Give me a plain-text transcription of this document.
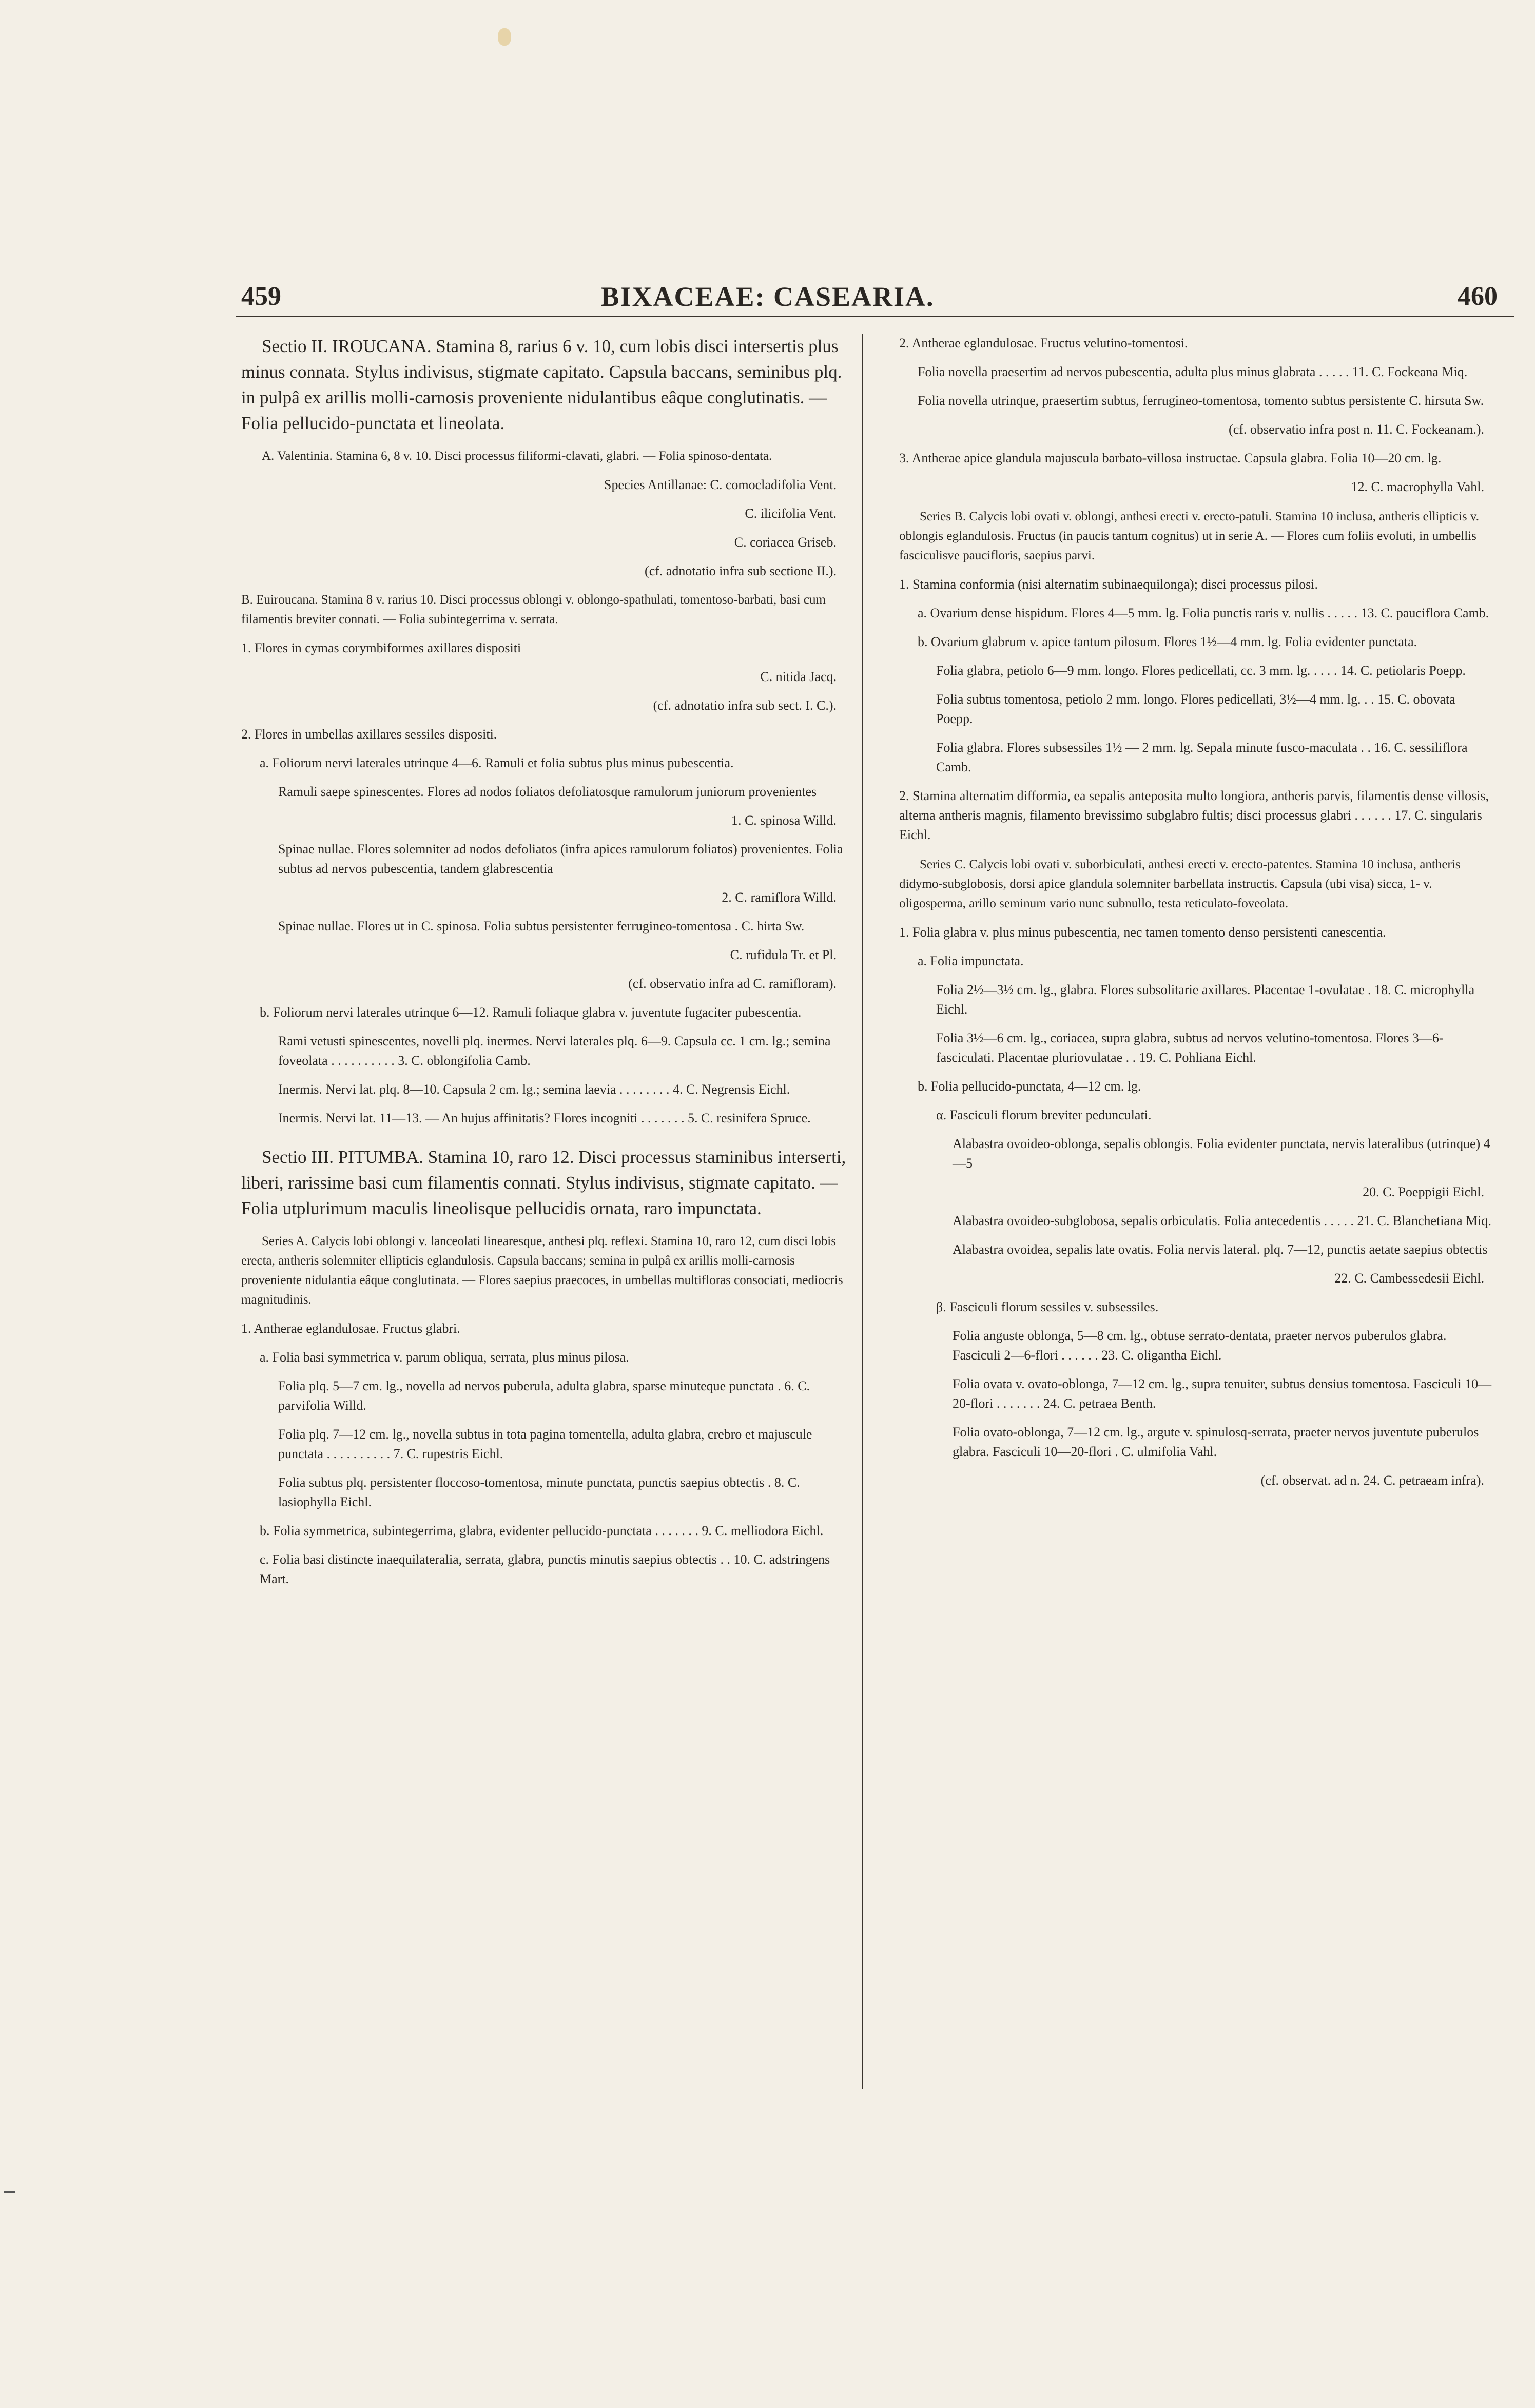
459	BIXACEAE: CASEARIA.	460

Sectio II. IROUCANA. Stamina 8, rarius 6 v. 10, cum lobis disci intersertis plus minus connata. Stylus indivisus, stigmate capitato. Capsula baccans, seminibus plq. in pulpâ ex arillis molli-carnosis proveniente nidulantibus eâque conglutinatis. — Folia pellucido-punctata et lineolata.

A. Valentinia. Stamina 6, 8 v. 10. Disci processus filiformi-clavati, glabri. — Folia spinoso-dentata.

Species Antillanae: C. comocladifolia Vent.

C. ilicifolia Vent.

C. coriacea Griseb.

(cf. adnotatio infra sub sectione II.).

B. Euiroucana. Stamina 8 v. rarius 10. Disci processus oblongi v. oblongo-spathulati, tomentoso-barbati, basi cum filamentis breviter connati. — Folia subintegerrima v. serrata.

1. Flores in cymas corymbiformes axillares dispositi

C. nitida Jacq.

(cf. adnotatio infra sub sect. I. C.).

2. Flores in umbellas axillares sessiles dispositi.

a. Foliorum nervi laterales utrinque 4—6. Ramuli et folia subtus plus minus pubescentia.

Ramuli saepe spinescentes. Flores ad nodos foliatos defoliatosque ramulorum juniorum provenientes

1. C. spinosa Willd.

Spinae nullae. Flores solemniter ad nodos defoliatos (infra apices ramulorum foliatos) provenientes. Folia subtus ad nervos pubescentia, tandem glabrescentia

2. C. ramiflora Willd.

Spinae nullae. Flores ut in C. spinosa. Folia subtus persistenter ferrugineo-tomentosa . C. hirta Sw.

C. rufidula Tr. et Pl.

(cf. observatio infra ad C. ramifloram).

b. Foliorum nervi laterales utrinque 6—12. Ramuli foliaque glabra v. juventute fugaciter pubescentia.

Rami vetusti spinescentes, novelli plq. inermes. Nervi laterales plq. 6—9. Capsula cc. 1 cm. lg.; semina foveolata . . . . . . . . . . 3. C. oblongifolia Camb.

Inermis. Nervi lat. plq. 8—10. Capsula 2 cm. lg.; semina laevia . . . . . . . . 4. C. Negrensis Eichl.

Inermis. Nervi lat. 11—13. — An hujus affinitatis? Flores incogniti . . . . . . . 5. C. resinifera Spruce.

Sectio III. PITUMBA. Stamina 10, raro 12. Disci processus staminibus interserti, liberi, rarissime basi cum filamentis connati. Stylus indivisus, stigmate capitato. — Folia utplurimum maculis lineolisque pellucidis ornata, raro impunctata.

Series A. Calycis lobi oblongi v. lanceolati linearesque, anthesi plq. reflexi. Stamina 10, raro 12, cum disci lobis erecta, antheris solemniter ellipticis eglandulosis. Capsula baccans; semina in pulpâ ex arillis molli-carnosis proveniente nidulantia eâque conglutinata. — Flores saepius praecoces, in umbellas multifloras consociati, mediocris magnitudinis.

1. Antherae eglandulosae. Fructus glabri.

a. Folia basi symmetrica v. parum obliqua, serrata, plus minus pilosa.

Folia plq. 5—7 cm. lg., novella ad nervos puberula, adulta glabra, sparse minuteque punctata . 6. C. parvifolia Willd.

Folia plq. 7—12 cm. lg., novella subtus in tota pagina tomentella, adulta glabra, crebro et majuscule punctata . . . . . . . . . . 7. C. rupestris Eichl.

Folia subtus plq. persistenter floccoso-tomentosa, minute punctata, punctis saepius obtectis . 8. C. lasiophylla Eichl.

b. Folia symmetrica, subintegerrima, glabra, evidenter pellucido-punctata . . . . . . . 9. C. melliodora Eichl.

c. Folia basi distincte inaequilateralia, serrata, glabra, punctis minutis saepius obtectis . . 10. C. adstringens Mart.

2. Antherae eglandulosae. Fructus velutino-tomentosi.

Folia novella praesertim ad nervos pubescentia, adulta plus minus glabrata . . . . . 11. C. Fockeana Miq.

Folia novella utrinque, praesertim subtus, ferrugineo-tomentosa, tomento subtus persistente C. hirsuta Sw.

(cf. observatio infra post n. 11. C. Fockeanam.).

3. Antherae apice glandula majuscula barbato-villosa instructae. Capsula glabra. Folia 10—20 cm. lg.

12. C. macrophylla Vahl.

Series B. Calycis lobi ovati v. oblongi, anthesi erecti v. erecto-patuli. Stamina 10 inclusa, antheris ellipticis v. oblongis eglandulosis. Fructus (in paucis tantum cognitus) ut in serie A. — Flores cum foliis evoluti, in umbellis fasciculisve paucifloris, saepius parvi.

1. Stamina conformia (nisi alternatim subinaequilonga); disci processus pilosi.

a. Ovarium dense hispidum. Flores 4—5 mm. lg. Folia punctis raris v. nullis . . . . . 13. C. pauciflora Camb.

b. Ovarium glabrum v. apice tantum pilosum. Flores 1½—4 mm. lg. Folia evidenter punctata.

Folia glabra, petiolo 6—9 mm. longo. Flores pedicellati, cc. 3 mm. lg. . . . . 14. C. petiolaris Poepp.

Folia subtus tomentosa, petiolo 2 mm. longo. Flores pedicellati, 3½—4 mm. lg. . . 15. C. obovata Poepp.

Folia glabra. Flores subsessiles 1½ — 2 mm. lg. Sepala minute fusco-maculata . . 16. C. sessiliflora Camb.

2. Stamina alternatim difformia, ea sepalis anteposita multo longiora, antheris parvis, filamentis dense villosis, alterna antheris magnis, filamento brevissimo subglabro fultis; disci processus glabri . . . . . . 17. C. singularis Eichl.

Series C. Calycis lobi ovati v. suborbiculati, anthesi erecti v. erecto-patentes. Stamina 10 inclusa, antheris didymo-subglobosis, dorsi apice glandula solemniter barbellata instructis. Capsula (ubi visa) sicca, 1- v. oligosperma, arillo seminum vario nunc subnullo, testa reticulato-foveolata.

1. Folia glabra v. plus minus pubescentia, nec tamen tomento denso persistenti canescentia.

a. Folia impunctata.

Folia 2½—3½ cm. lg., glabra. Flores subsolitarie axillares. Placentae 1-ovulatae . 18. C. microphylla Eichl.

Folia 3½—6 cm. lg., coriacea, supra glabra, subtus ad nervos velutino-tomentosa. Flores 3—6-fasciculati. Placentae pluriovulatae . . 19. C. Pohliana Eichl.

b. Folia pellucido-punctata, 4—12 cm. lg.

α. Fasciculi florum breviter pedunculati.

Alabastra ovoideo-oblonga, sepalis oblongis. Folia evidenter punctata, nervis lateralibus (utrinque) 4—5

20. C. Poeppigii Eichl.

Alabastra ovoideo-subglobosa, sepalis orbiculatis. Folia antecedentis . . . . . 21. C. Blanchetiana Miq.

Alabastra ovoidea, sepalis late ovatis. Folia nervis lateral. plq. 7—12, punctis aetate saepius obtectis

22. C. Cambessedesii Eichl.

β. Fasciculi florum sessiles v. subsessiles.

Folia anguste oblonga, 5—8 cm. lg., obtuse serrato-dentata, praeter nervos puberulos glabra. Fasciculi 2—6-flori . . . . . . 23. C. oligantha Eichl.

Folia ovata v. ovato-oblonga, 7—12 cm. lg., supra tenuiter, subtus densius tomentosa. Fasciculi 10—20-flori . . . . . . . 24. C. petraea Benth.

Folia ovato-oblonga, 7—12 cm. lg., argute v. spinulosq-serrata, praeter nervos juventute puberulos glabra. Fasciculi 10—20-flori . C. ulmifolia Vahl.

(cf. observat. ad n. 24. C. petraeam infra).
